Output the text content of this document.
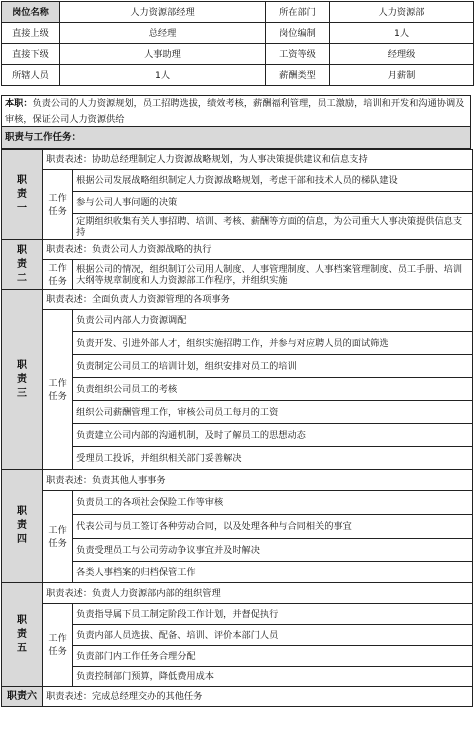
岗位名称	人力资源部经理	所在部门	人力资源部
直接上级	总经理	岗位编制	1人
直接下级	人事助理	工资等级	经理级
所辖人员	1人	薪酬类型	月薪制
本职：负责公司的人力资源规划，员工招聘选拔，绩效考核，薪酬福利管理，员工激励，培训和开发和沟通协调及审核，保证公司人力资源供给
职责与工作任务：
职责一	职责表述：协助总经理制定人力资源战略规划，为人事决策提供建议和信息支持	
	工作任务	根据公司发展战略组织制定人力资源战略规划，考虑干部和技术人员的梯队建设
		参与公司人事问题的决策
		定期组织收集有关人事招聘、培训、考核、薪酬等方面的信息，为公司重大人事决策提供信息支持
职责二	职责表述：负责公司人力资源战略的执行	
	工作任务	根据公司的情况，组织制订公司用人制度、人事管理制度、人事档案管理制度、员工手册、培训大纲等规章制度和人力资源部工作程序，并组织实施
职责三	职责表述：全面负责人力资源管理的各项事务	
	工作任务	负责公司内部人力资源调配
		负责开发、引进外部人才，组织实施招聘工作，并参与对应聘人员的面试筛选
		负责制定公司员工的培训计划，组织安排对员工的培训
		负责组织公司员工的考核
		组织公司薪酬管理工作，审核公司员工每月的工资
		负责建立公司内部的沟通机制，及时了解员工的思想动态
		受理员工投诉，并组织相关部门妥善解决
职责四	职责表述：负责其他人事事务	
	工作任务	负责员工的各项社会保险工作等审核
		代表公司与员工签订各种劳动合同，以及处理各种与合同相关的事宜
		负责受理员工与公司劳动争议事宜并及时解决
		各类人事档案的归档保管工作
职责五	职责表述：负责人力资源部内部的组织管理	
	工作任务	负责指导属下员工制定阶段工作计划，并督促执行
		负责内部人员选拔、配备、培训、评价本部门人员
		负责部门内工作任务合理分配
		负责控制部门预算，降低费用成本
职责六	职责表述：完成总经理交办的其他任务	
